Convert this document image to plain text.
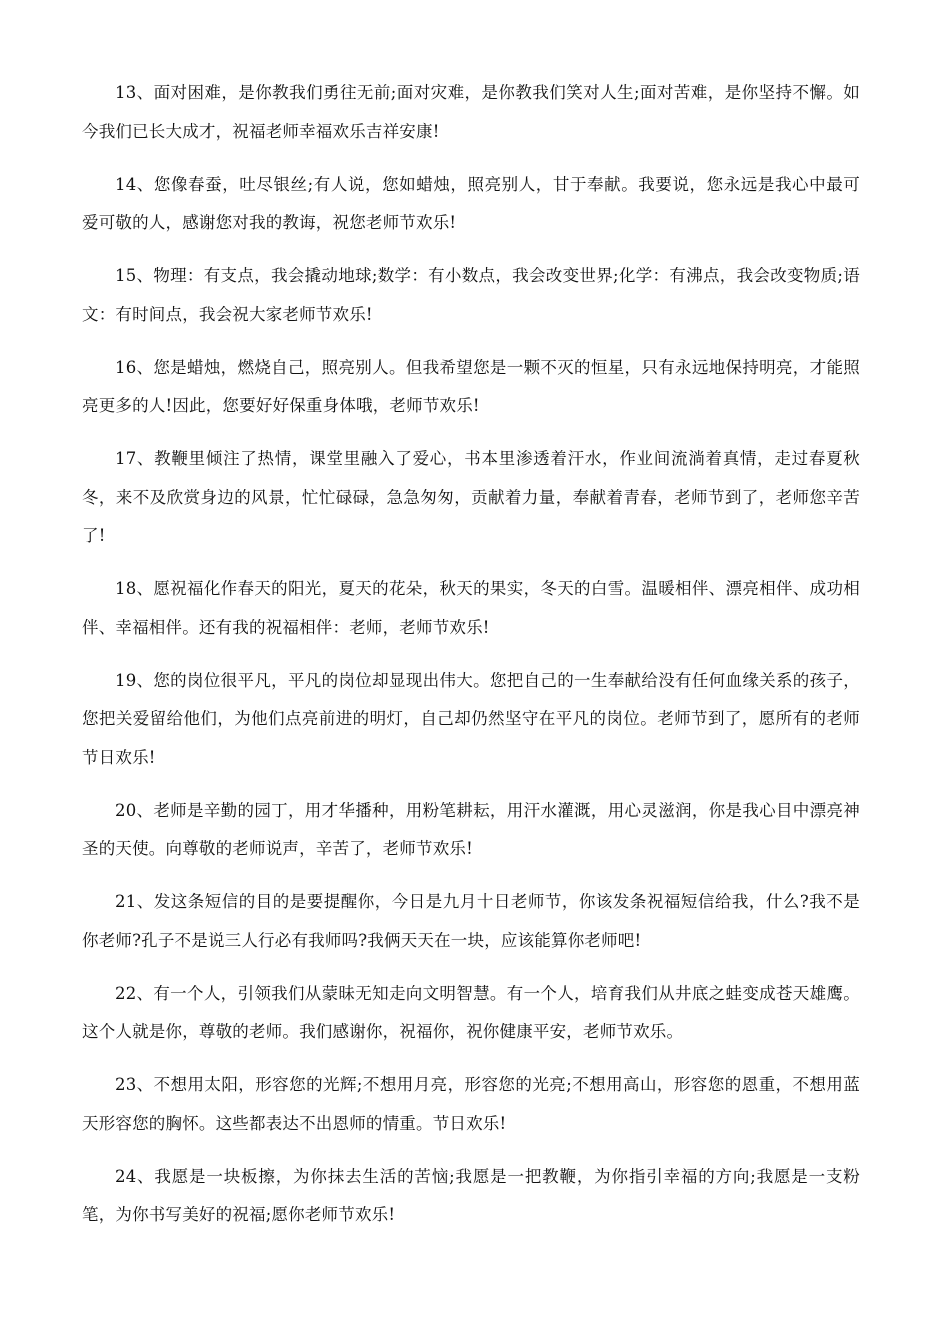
13、面对困难，是你教我们勇往无前;面对灾难，是你教我们笑对人生;面对苦难，是你坚持不懈。如今我们已长大成才，祝福老师幸福欢乐吉祥安康!

14、您像春蚕，吐尽银丝;有人说，您如蜡烛，照亮别人，甘于奉献。我要说，您永远是我心中最可爱可敬的人，感谢您对我的教诲，祝您老师节欢乐!

15、物理：有支点，我会撬动地球;数学：有小数点，我会改变世界;化学：有沸点，我会改变物质;语文：有时间点，我会祝大家老师节欢乐!

16、您是蜡烛，燃烧自己，照亮别人。但我希望您是一颗不灭的恒星，只有永远地保持明亮，才能照亮更多的人!因此，您要好好保重身体哦，老师节欢乐!

17、教鞭里倾注了热情，课堂里融入了爱心，书本里渗透着汗水，作业间流淌着真情，走过春夏秋冬，来不及欣赏身边的风景，忙忙碌碌，急急匆匆，贡献着力量，奉献着青春，老师节到了，老师您辛苦了!

18、愿祝福化作春天的阳光，夏天的花朵，秋天的果实，冬天的白雪。温暖相伴、漂亮相伴、成功相伴、幸福相伴。还有我的祝福相伴：老师，老师节欢乐!

19、您的岗位很平凡，平凡的岗位却显现出伟大。您把自己的一生奉献给没有任何血缘关系的孩子，您把关爱留给他们，为他们点亮前进的明灯，自己却仍然坚守在平凡的岗位。老师节到了，愿所有的老师节日欢乐!

20、老师是辛勤的园丁，用才华播种，用粉笔耕耘，用汗水灌溉，用心灵滋润，你是我心目中漂亮神圣的天使。向尊敬的老师说声，辛苦了，老师节欢乐!

21、发这条短信的目的是要提醒你，今日是九月十日老师节，你该发条祝福短信给我，什么?我不是你老师?孔子不是说三人行必有我师吗?我俩天天在一块，应该能算你老师吧!

22、有一个人，引领我们从蒙昧无知走向文明智慧。有一个人，培育我们从井底之蛙变成苍天雄鹰。这个人就是你，尊敬的老师。我们感谢你，祝福你，祝你健康平安，老师节欢乐。

23、不想用太阳，形容您的光辉;不想用月亮，形容您的光亮;不想用高山，形容您的恩重，不想用蓝天形容您的胸怀。这些都表达不出恩师的情重。节日欢乐!

24、我愿是一块板擦，为你抹去生活的苦恼;我愿是一把教鞭，为你指引幸福的方向;我愿是一支粉笔，为你书写美好的祝福;愿你老师节欢乐!
